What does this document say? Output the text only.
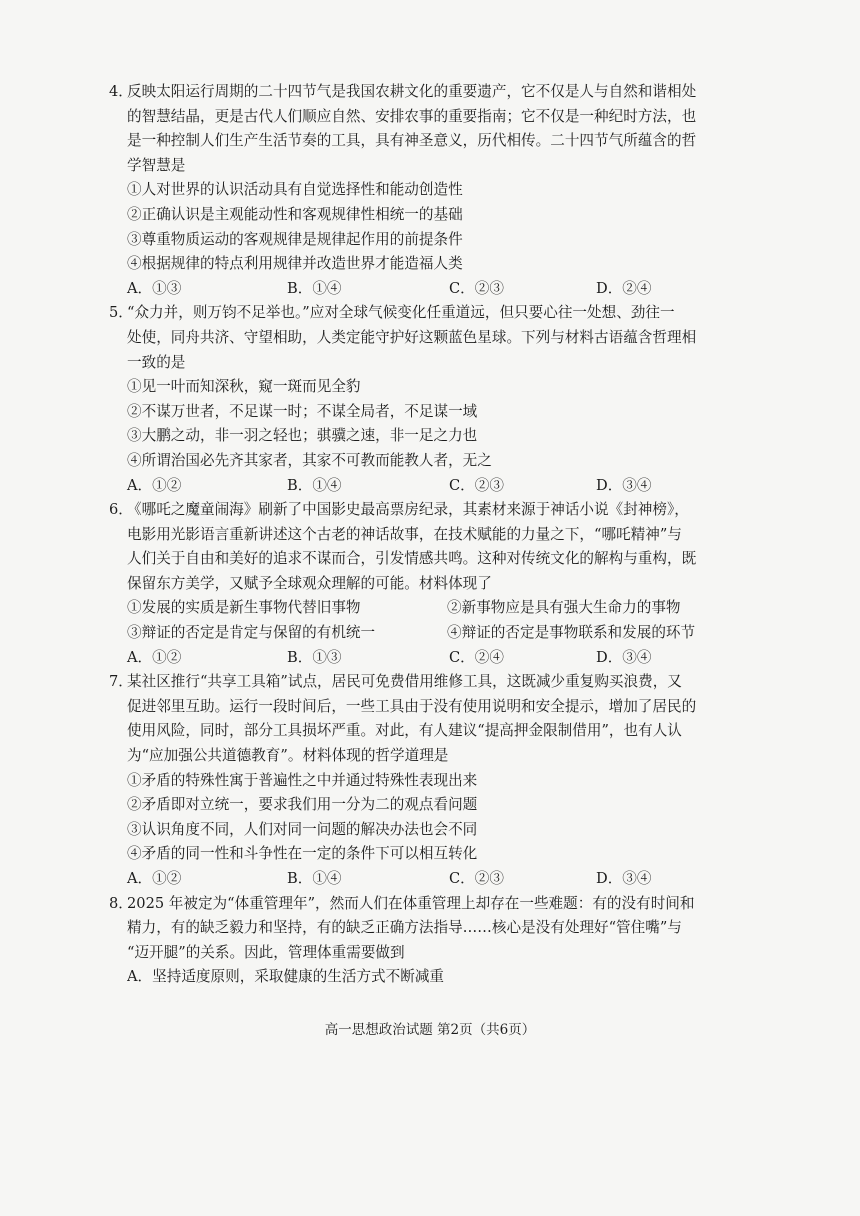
4．
反映太阳运行周期的二十四节气是我国农耕文化的重要遗产，它不仅是人与自然和谐相处
的智慧结晶，更是古代人们顺应自然、安排农事的重要指南；它不仅是一种纪时方法，也
是一种控制人们生产生活节奏的工具，具有神圣意义，历代相传。二十四节气所蕴含的哲
学智慧是
①人对世界的认识活动具有自觉选择性和能动创造性
②正确认识是主观能动性和客观规律性相统一的基础
③尊重物质运动的客观规律是规律起作用的前提条件
④根据规律的特点利用规律并改造世界才能造福人类
A．①③	B．①④	C．②③	D．②④
5．
“众力并，则万钧不足举也。”应对全球气候变化任重道远，但只要心往一处想、劲往一
处使，同舟共济、守望相助，人类定能守护好这颗蓝色星球。下列与材料古语蕴含哲理相
一致的是
①见一叶而知深秋，窥一斑而见全豹
②不谋万世者，不足谋一时；不谋全局者，不足谋一域
③大鹏之动，非一羽之轻也；骐骥之速，非一足之力也
④所谓治国必先齐其家者，其家不可教而能教人者，无之
A．①②	B．①④	C．②③	D．③④
6．
《哪吒之魔童闹海》刷新了中国影史最高票房纪录，其素材来源于神话小说《封神榜》，
电影用光影语言重新讲述这个古老的神话故事，在技术赋能的力量之下，“哪吒精神”与
人们关于自由和美好的追求不谋而合，引发情感共鸣。这种对传统文化的解构与重构，既
保留东方美学，又赋予全球观众理解的可能。材料体现了
①发展的实质是新生事物代替旧事物	②新事物应是具有强大生命力的事物
③辩证的否定是肯定与保留的有机统一	④辩证的否定是事物联系和发展的环节
A．①②	B．①③	C．②④	D．③④
7．
某社区推行“共享工具箱”试点，居民可免费借用维修工具，这既减少重复购买浪费，又
促进邻里互助。运行一段时间后，一些工具由于没有使用说明和安全提示，增加了居民的
使用风险，同时，部分工具损坏严重。对此，有人建议“提高押金限制借用”，也有人认
为“应加强公共道德教育”。材料体现的哲学道理是
①矛盾的特殊性寓于普遍性之中并通过特殊性表现出来
②矛盾即对立统一，要求我们用一分为二的观点看问题
③认识角度不同，人们对同一问题的解决办法也会不同
④矛盾的同一性和斗争性在一定的条件下可以相互转化
A．①②	B．①④	C．②③	D．③④
8．
2025 年被定为“体重管理年”，然而人们在体重管理上却存在一些难题：有的没有时间和
精力，有的缺乏毅力和坚持，有的缺乏正确方法指导……核心是没有处理好“管住嘴”与
“迈开腿”的关系。因此，管理体重需要做到
A．坚持适度原则，采取健康的生活方式不断减重
高一思想政治试题 第2页（共6页）
